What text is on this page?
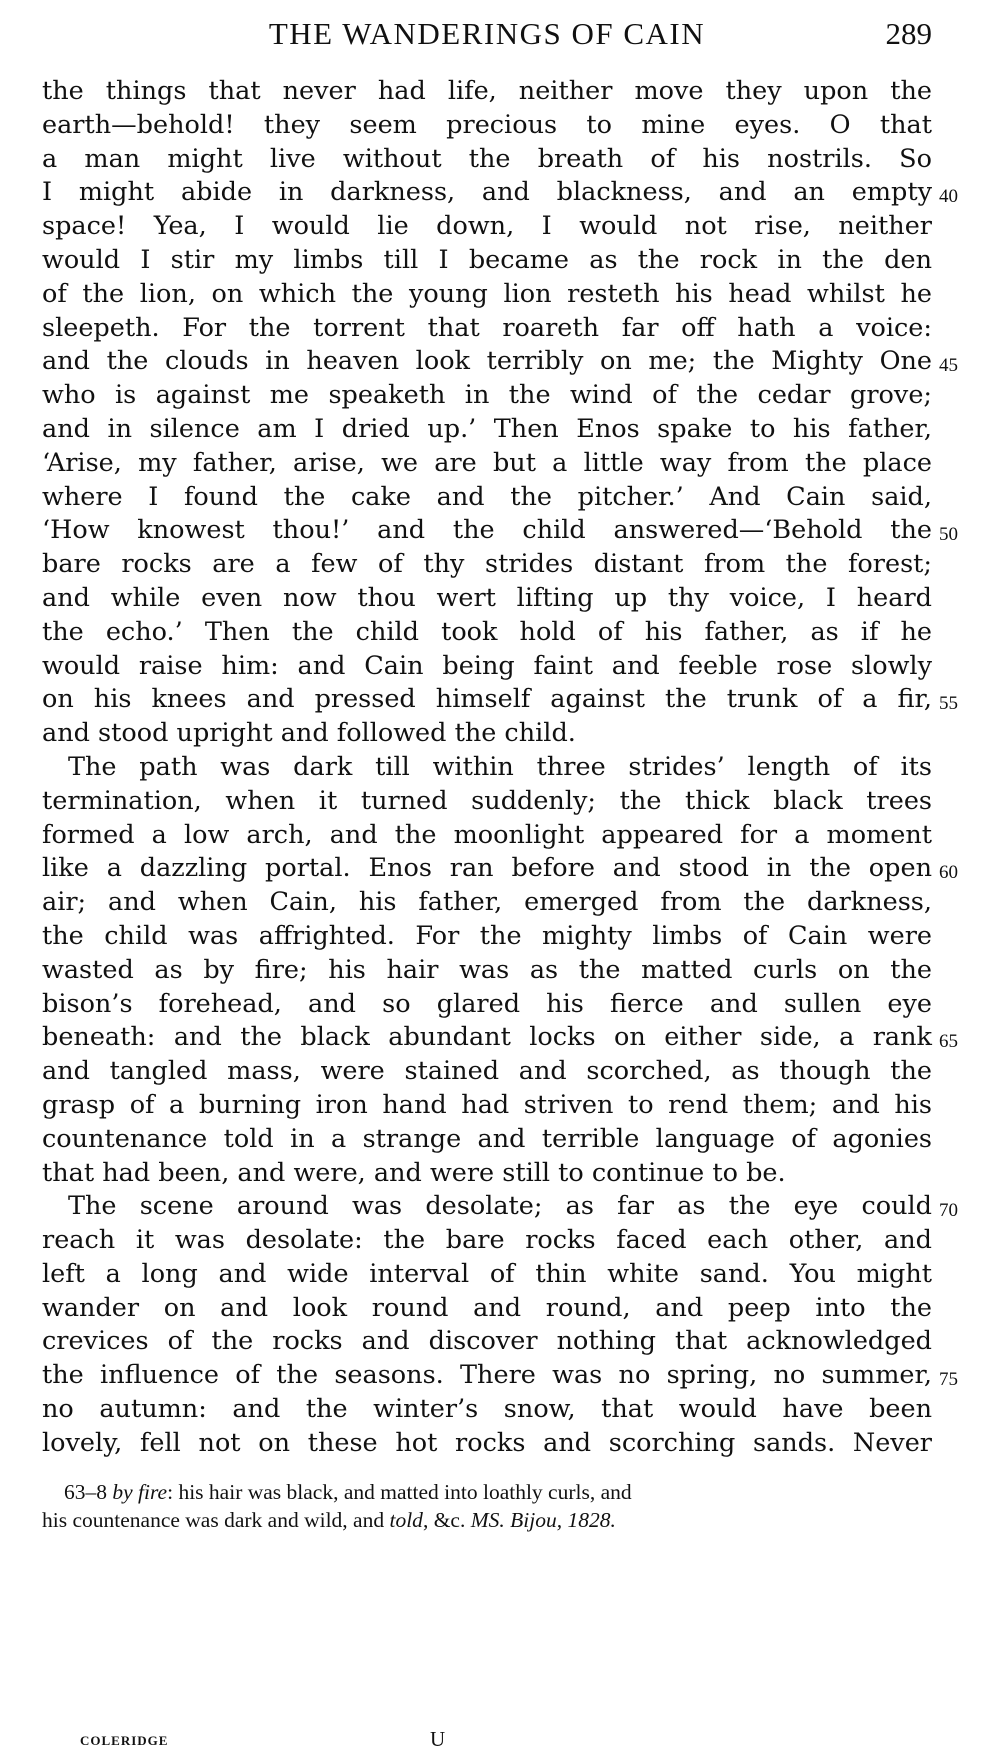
THE WANDERINGS OF CAIN	289
the things that never had life, neither move they upon the
earth—behold! they seem precious to mine eyes. O that
a man might live without the breath of his nostrils. So
I might abide in darkness, and blackness, and an empty 40
space! Yea, I would lie down, I would not rise, neither
would I stir my limbs till I became as the rock in the den
of the lion, on which the young lion resteth his head whilst he
sleepeth. For the torrent that roareth far off hath a voice:
and the clouds in heaven look terribly on me; the Mighty One 45
who is against me speaketh in the wind of the cedar grove;
and in silence am I dried up.’ Then Enos spake to his father,
‘Arise, my father, arise, we are but a little way from the place
where I found the cake and the pitcher.’ And Cain said,
‘How knowest thou!’ and the child answered—‘Behold the 50
bare rocks are a few of thy strides distant from the forest;
and while even now thou wert lifting up thy voice, I heard
the echo.’ Then the child took hold of his father, as if he
would raise him: and Cain being faint and feeble rose slowly
on his knees and pressed himself against the trunk of a fir, 55
and stood upright and followed the child.
The path was dark till within three strides’ length of its
termination, when it turned suddenly; the thick black trees
formed a low arch, and the moonlight appeared for a moment
like a dazzling portal. Enos ran before and stood in the open 60
air; and when Cain, his father, emerged from the darkness,
the child was affrighted. For the mighty limbs of Cain were
wasted as by fire; his hair was as the matted curls on the
bison’s forehead, and so glared his fierce and sullen eye
beneath: and the black abundant locks on either side, a rank 65
and tangled mass, were stained and scorched, as though the
grasp of a burning iron hand had striven to rend them; and his
countenance told in a strange and terrible language of agonies
that had been, and were, and were still to continue to be.
The scene around was desolate; as far as the eye could 70
reach it was desolate: the bare rocks faced each other, and
left a long and wide interval of thin white sand. You might
wander on and look round and round, and peep into the
crevices of the rocks and discover nothing that acknowledged
the influence of the seasons. There was no spring, no summer, 75
no autumn: and the winter’s snow, that would have been
lovely, fell not on these hot rocks and scorching sands. Never
63–8 by fire: his hair was black, and matted into loathly curls, and
his countenance was dark and wild, and told, &c. MS. Bijou, 1828.
COLERIDGE	U
